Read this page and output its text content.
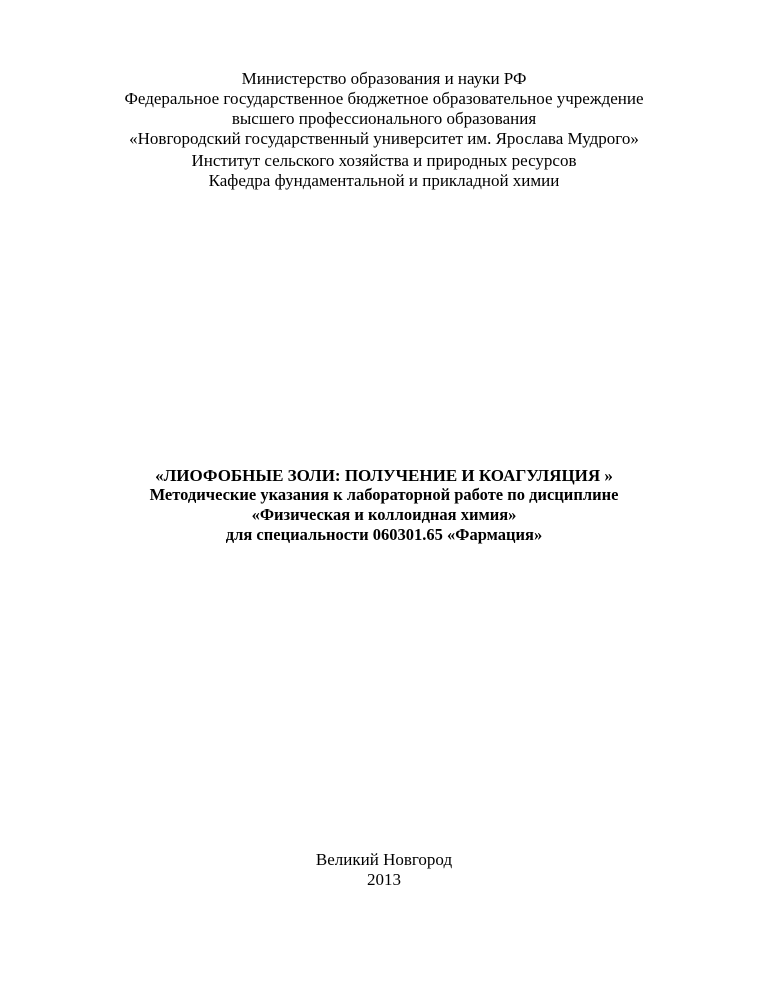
Министерство образования и науки РФ
Федеральное государственное бюджетное образовательное учреждение
высшего профессионального образования
«Новгородский государственный университет им. Ярослава Мудрого»
Институт сельского хозяйства и природных ресурсов
Кафедра фундаментальной и прикладной химии
«ЛИОФОБНЫЕ ЗОЛИ: ПОЛУЧЕНИЕ И КОАГУЛЯЦИЯ »
Методические указания к лабораторной работе по дисциплине
«Физическая и коллоидная химия»
для специальности 060301.65 «Фармация»
Великий Новгород
2013
